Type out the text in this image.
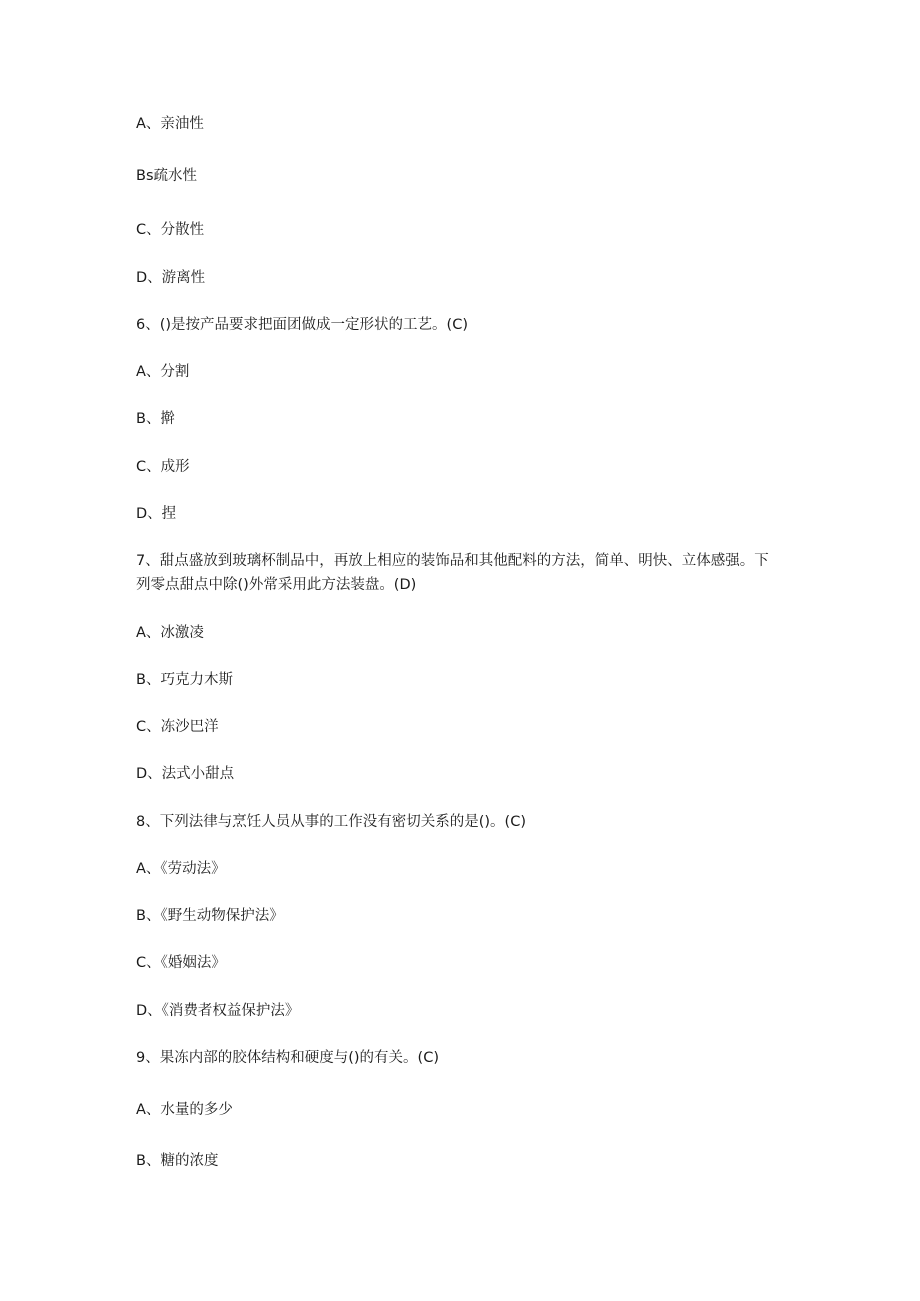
A、亲油性
Bs疏水性
C、分散性
D、游离性
6、()是按产品要求把面团做成一定形状的工艺。(C)
A、分割
B、擀
C、成形
D、捏
7、甜点盛放到玻璃杯制品中，再放上相应的装饰品和其他配料的方法，简单、明快、立体感强。下列零点甜点中除()外常采用此方法装盘。(D)
A、冰激凌
B、巧克力木斯
C、冻沙巴洋
D、法式小甜点
8、下列法律与烹饪人员从事的工作没有密切关系的是()。(C)
A、《劳动法》
B、《野生动物保护法》
C、《婚姻法》
D、《消费者权益保护法》
9、果冻内部的胶体结构和硬度与()的有关。(C)
A、水量的多少
B、糖的浓度
